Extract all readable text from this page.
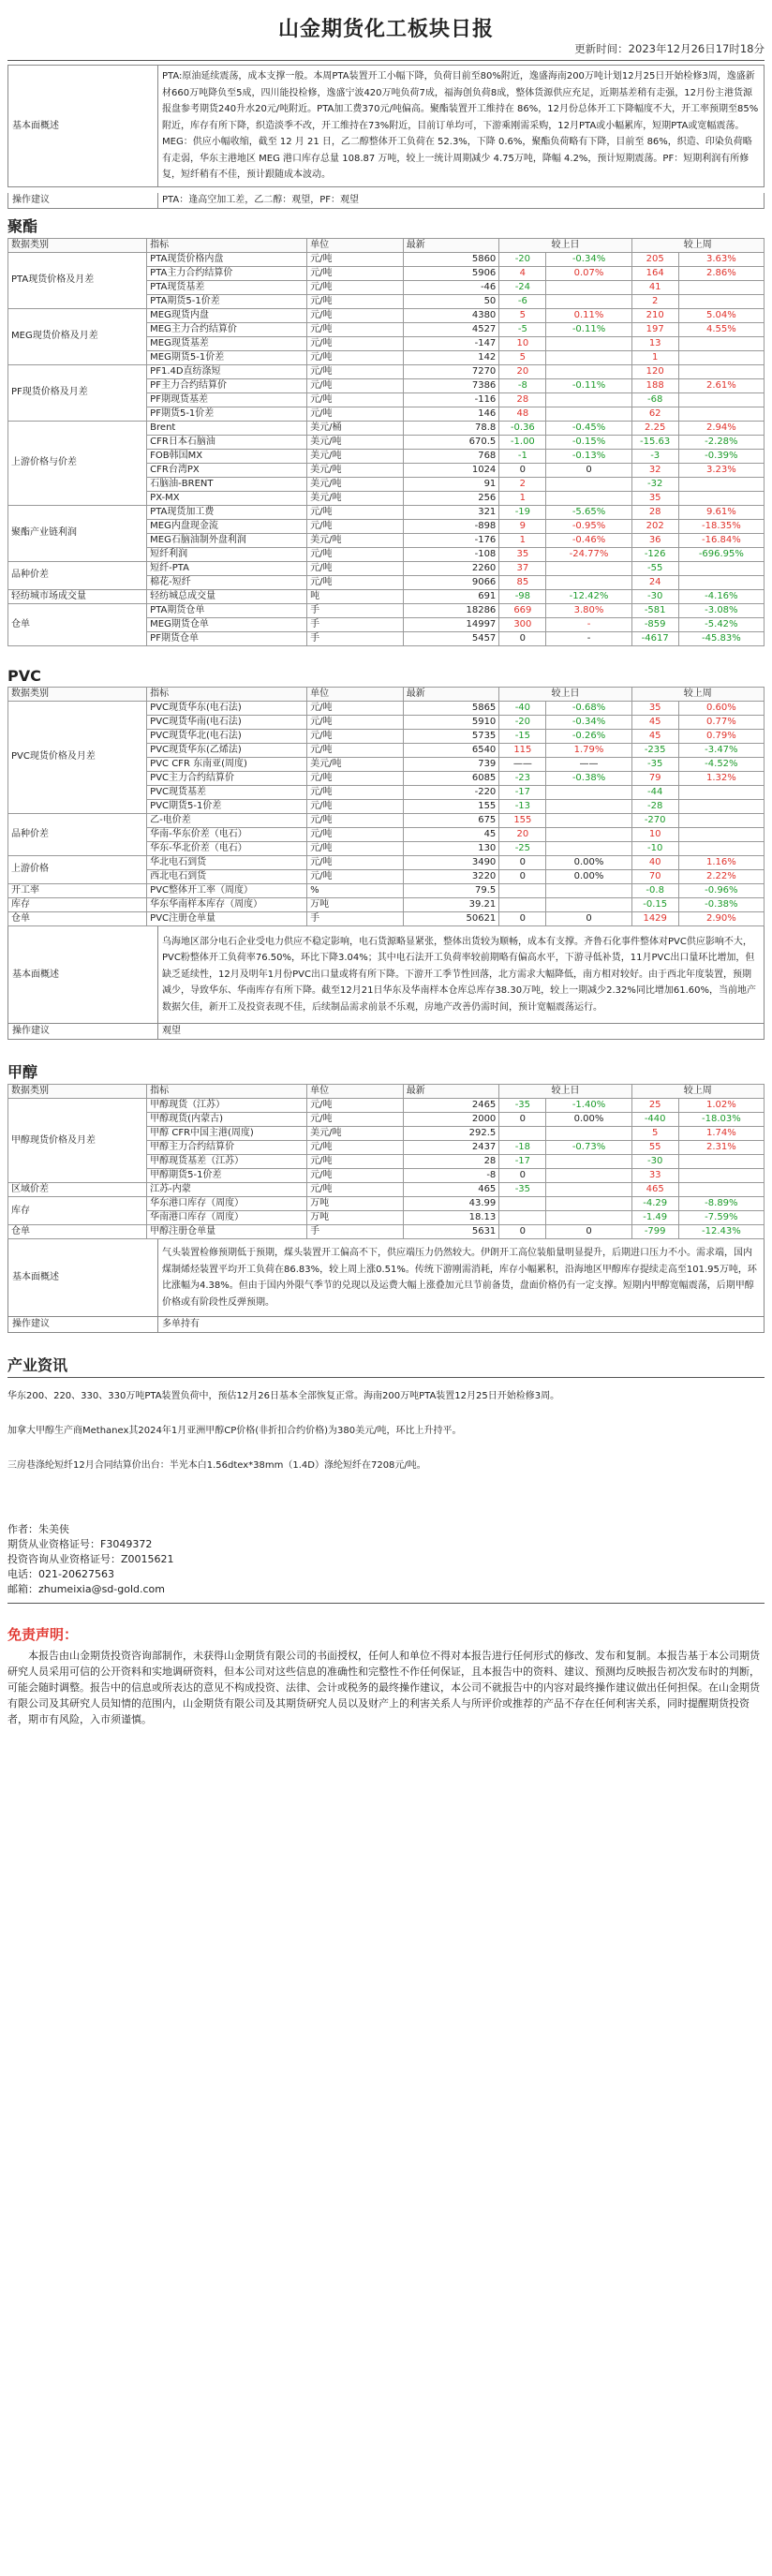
山金期货化工板块日报
更新时间：2023年12月26日17时18分
基本面概述
PTA:原油延续震荡，成本支撑一般。本周PTA装置开工小幅下降，负荷目前至80%附近，逸盛海南200万吨计划12月25日开始检修3周，逸盛新材660万吨降负至5成，四川能投检修，逸盛宁波420万吨负荷7成，福海创负荷8成，整体货源供应充足，近期基差稍有走强，12月份主港货源报盘参考期货240升水20元/吨附近。PTA加工费370元/吨偏高。聚酯装置开工维持在 86%，12月份总体开工下降幅度不大，开工率预期至85%附近，库存有所下降，织造淡季不改，开工维持在73%附近，目前订单均可，下游乘刚需采购，12月PTA或小幅累库，短期PTA或宽幅震荡。MEG：供应小幅收缩，截至 12 月 21 日，乙二醇整体开工负荷在 52.3%，下降 0.6%，聚酯负荷略有下降，目前至 86%，织造、印染负荷略有走弱，华东主港地区 MEG 港口库存总量 108.87 万吨，较上一统计周期减少 4.75万吨，降幅 4.2%，预计短期震荡。PF：短期利润有所修复，短纤稍有不佳，预计跟随成本波动。
操作建议	PTA：逢高空加工差，乙二醇：观望，PF：观望
聚酯
数据类别	指标	单位	最新	较上日		较上周	
PTA现货价格及月差	PTA现货价格内盘	元/吨	5860	-20	-0.34%	205	3.63%
	PTA主力合约结算价	元/吨	5906	4	0.07%	164	2.86%
	PTA现货基差	元/吨	-46	-24		41	
	PTA期货5-1价差	元/吨	50	-6		2	
MEG现货价格及月差	MEG现货内盘	元/吨	4380	5	0.11%	210	5.04%
	MEG主力合约结算价	元/吨	4527	-5	-0.11%	197	4.55%
	MEG现货基差	元/吨	-147	10		13	
	MEG期货5-1价差	元/吨	142	5		1	
PF现货价格及月差	PF1.4D直纺涤短	元/吨	7270	20		120	
	PF主力合约结算价	元/吨	7386	-8	-0.11%	188	2.61%
	PF期现货基差	元/吨	-116	28		-68	
	PF期货5-1价差	元/吨	146	48		62	
上游价格与价差	Brent	美元/桶	78.8	-0.36	-0.45%	2.25	2.94%
	CFR日本石脑油	美元/吨	670.5	-1.00	-0.15%	-15.63	-2.28%
	FOB韩国MX	美元/吨	768	-1	-0.13%	-3	-0.39%
	CFR台湾PX	美元/吨	1024	0	0	32	3.23%
	石脑油-BRENT	美元/吨	91	2		-32	
	PX-MX	美元/吨	256	1		35	
聚酯产业链利润	PTA现货加工费	元/吨	321	-19	-5.65%	28	9.61%
	MEG内盘现金流	元/吨	-898	9	-0.95%	202	-18.35%
	MEG石脑油制外盘利润	美元/吨	-176	1	-0.46%	36	-16.84%
	短纤利润	元/吨	-108	35	-24.77%	-126	-696.95%
品种价差	短纤-PTA	元/吨	2260	37		-55	
	棉花-短纤	元/吨	9066	85		24	
轻纺城市场成交量	轻纺城总成交量	吨	691	-98	-12.42%	-30	-4.16%
仓单	PTA期货仓单	手	18286	669	3.80%	-581	-3.08%
	MEG期货仓单	手	14997	300	-	-859	-5.42%
	PF期货仓单	手	5457	0	-	-4617	-45.83%
PVC
数据类别	指标	单位	最新	较上日		较上周	
PVC现货价格及月差	PVC现货华东(电石法)	元/吨	5865	-40	-0.68%	35	0.60%
	PVC现货华南(电石法)	元/吨	5910	-20	-0.34%	45	0.77%
	PVC现货华北(电石法)	元/吨	5735	-15	-0.26%	45	0.79%
	PVC现货华东(乙烯法)	元/吨	6540	115	1.79%	-235	-3.47%
	PVC CFR 东南亚(周度)	美元/吨	739	——	——	-35	-4.52%
	PVC主力合约结算价	元/吨	6085	-23	-0.38%	79	1.32%
	PVC现货基差	元/吨	-220	-17		-44	
	PVC期货5-1价差	元/吨	155	-13		-28	
品种价差	乙-电价差	元/吨	675	155		-270	
	华南-华东价差（电石）	元/吨	45	20		10	
	华东-华北价差（电石）	元/吨	130	-25		-10	
上游价格	华北电石到货	元/吨	3490	0	0.00%	40	1.16%
	西北电石到货	元/吨	3220	0	0.00%	70	2.22%
开工率	PVC整体开工率（周度）	%	79.5			-0.8	-0.96%
库存	华东华南样本库存（周度）	万吨	39.21			-0.15	-0.38%
仓单	PVC注册仓单量	手	50621	0	0	1429	2.90%
基本面概述
乌海地区部分电石企业受电力供应不稳定影响，电石货源略显紧张，整体出货较为顺畅，成本有支撑。齐鲁石化事件整体对PVC供应影响不大，PVC粉整体开工负荷率76.50%，环比下降3.04%；其中电石法开工负荷率较前期略有偏高水平，下游寻低补货，11月PVC出口量环比增加，但缺乏延续性，12月及明年1月份PVC出口量或将有所下降。下游开工季节性回落，北方需求大幅降低，南方相对较好。由于西北年度装置，预期减少，导致华东、华南库存有所下降。截至12月21日华东及华南样本仓库总库存38.30万吨，较上一期减少2.32%同比增加61.60%，当前地产数据欠佳，新开工及投资表现不佳，后续制品需求前景不乐观，房地产改善仍需时间，预计宽幅震荡运行。
操作建议	观望
甲醇
数据类别	指标	单位	最新	较上日		较上周	
甲醇现货价格及月差	甲醇现货（江苏）	元/吨	2465	-35	-1.40%	25	1.02%
	甲醇现货(内蒙古)	元/吨	2000	0	0.00%	-440	-18.03%
	甲醇 CFR中国主港(周度)	美元/吨	292.5			5	1.74%
	甲醇主力合约结算价	元/吨	2437	-18	-0.73%	55	2.31%
	甲醇现货基差（江苏）	元/吨	28	-17		-30	
	甲醇期货5-1价差	元/吨	-8	0		33	
区域价差	江苏-内蒙	元/吨	465	-35		465	
库存	华东港口库存（周度）	万吨	43.99			-4.29	-8.89%
	华南港口库存（周度）	万吨	18.13			-1.49	-7.59%
仓单	甲醇注册仓单量	手	5631	0	0	-799	-12.43%
基本面概述
气头装置检修预期低于预期，煤头装置开工偏高不下，供应端压力仍然较大。伊朗开工高位装船量明显提升，后期进口压力不小。需求端，国内煤制烯烃装置平均开工负荷在86.83%，较上周上涨0.51%。传统下游刚需消耗，库存小幅累积，沿海地区甲醇库存提续走高至101.95万吨，环比涨幅为4.38%。但由于国内外限气季节的兑现以及运费大幅上涨叠加元旦节前备货，盘面价格仍有一定支撑。短期内甲醇宽幅震荡，后期甲醇价格或有阶段性反弹预期。
操作建议	多单持有
产业资讯

华东200、220、330、330万吨PTA装置负荷中，预估12月26日基本全部恢复正常。海南200万吨PTA装置12月25日开始检修3周。

加拿大甲醇生产商Methanex其2024年1月亚洲甲醇CP价格(非折扣合约价格)为380美元/吨，环比上升持平。

三房巷涤纶短纤12月合同结算价出台：半光本白1.56dtex*38mm（1.4D）涤纶短纤在7208元/吨。

作者：朱美侠
期货从业资格证号：F3049372
投资咨询从业资格证号：Z0015621
电话：021-20627563
邮箱：zhumeixia@sd-gold.com
免责声明：
本报告由山金期货投资咨询部制作，未获得山金期货有限公司的书面授权，任何人和单位不得对本报告进行任何形式的修改、发布和复制。本报告基于本公司期货研究人员采用可信的公开资料和实地调研资料，但本公司对这些信息的准确性和完整性不作任何保证，且本报告中的资料、建议、预测均反映报告初次发布时的判断，可能会随时调整。报告中的信息或所表达的意见不构成投资、法律、会计或税务的最终操作建议，本公司不就报告中的内容对最终操作建议做出任何担保。在山金期货有限公司及其研究人员知情的范围内，山金期货有限公司及其期货研究人员以及财产上的利害关系人与所评价或推荐的产品不存在任何利害关系，同时提醒期货投资者，期市有风险，入市须谨慎。
